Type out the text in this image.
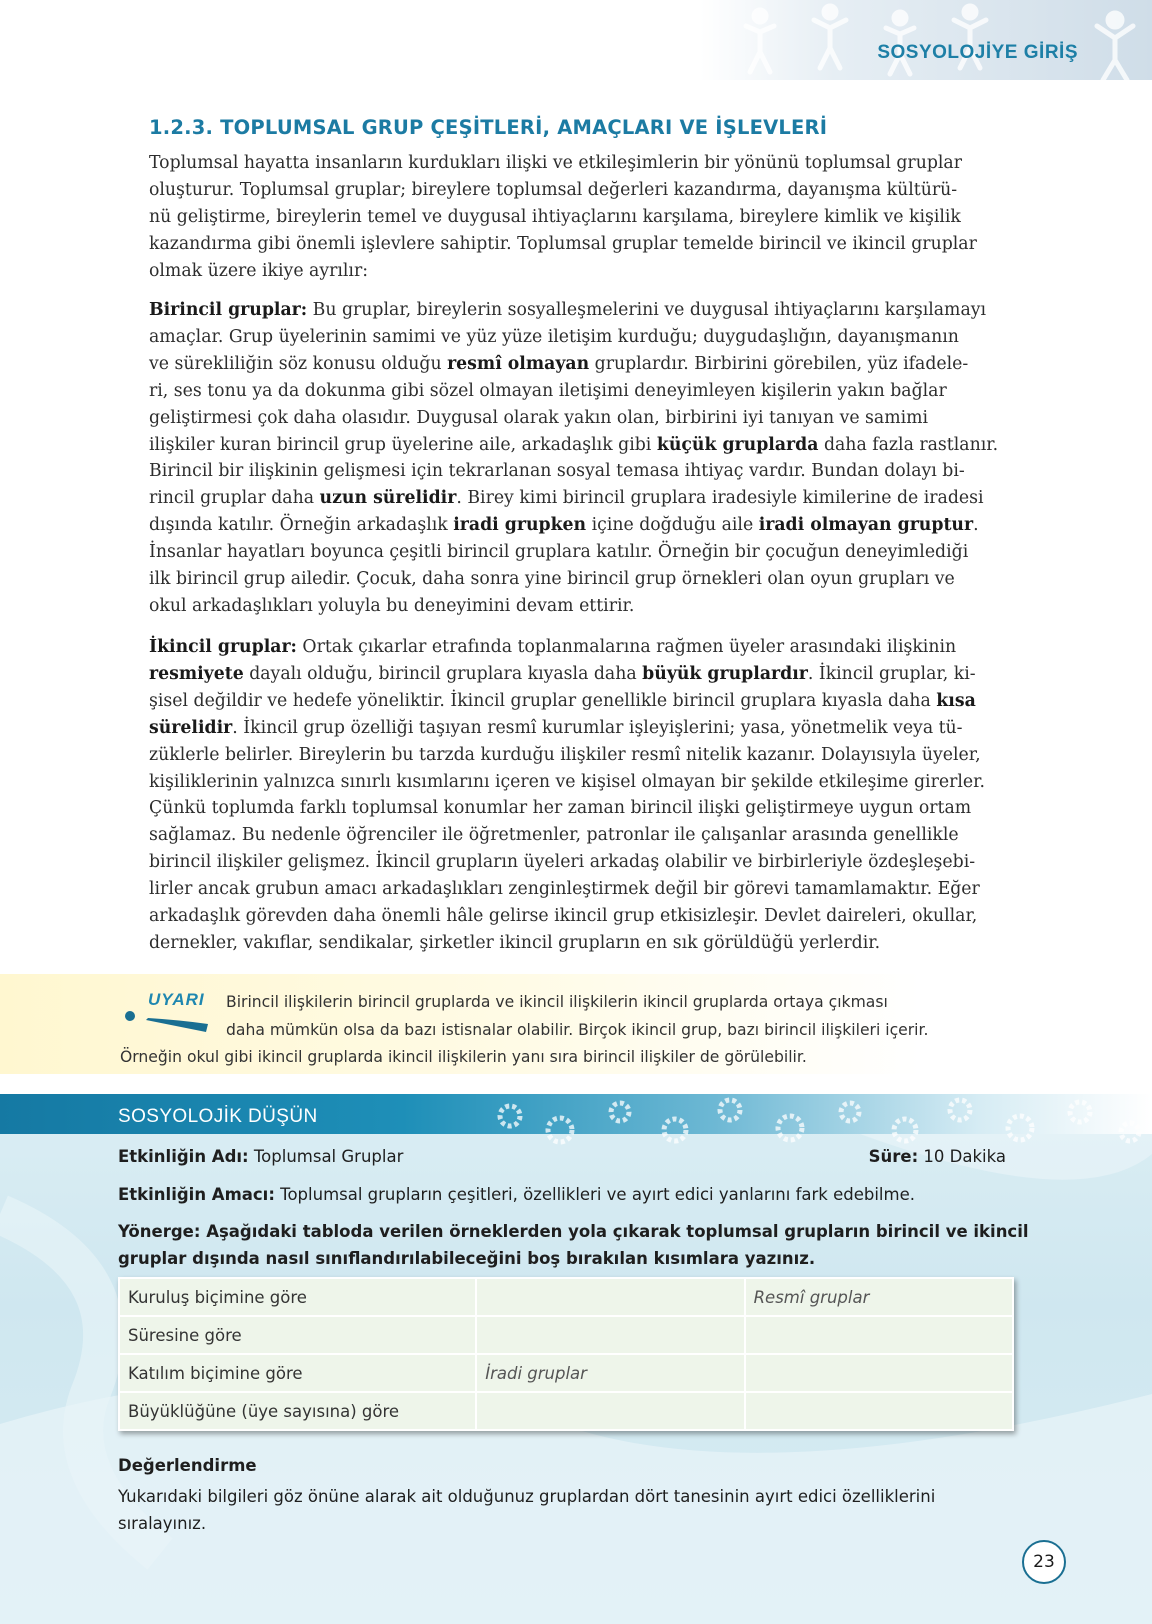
SOSYOLOJİYE GİRİŞ
1.2.3. TOPLUMSAL GRUP ÇEŞİTLERİ, AMAÇLARI VE İŞLEVLERİ

Toplumsal hayatta insanların kurdukları ilişki ve etkileşimlerin bir yönünü toplumsal gruplar
oluşturur. Toplumsal gruplar; bireylere toplumsal değerleri kazandırma, dayanışma kültürü-
nü geliştirme, bireylerin temel ve duygusal ihtiyaçlarını karşılama, bireylere kimlik ve kişilik
kazandırma gibi önemli işlevlere sahiptir. Toplumsal gruplar temelde birincil ve ikincil gruplar
olmak üzere ikiye ayrılır:

Birincil gruplar: Bu gruplar, bireylerin sosyalleşmelerini ve duygusal ihtiyaçlarını karşılamayı
amaçlar. Grup üyelerinin samimi ve yüz yüze iletişim kurduğu; duygudaşlığın, dayanışmanın
ve sürekliliğin söz konusu olduğu resmî olmayan gruplardır. Birbirini görebilen, yüz ifadele-
ri, ses tonu ya da dokunma gibi sözel olmayan iletişimi deneyimleyen kişilerin yakın bağlar
geliştirmesi çok daha olasıdır. Duygusal olarak yakın olan, birbirini iyi tanıyan ve samimi
ilişkiler kuran birincil grup üyelerine aile, arkadaşlık gibi küçük gruplarda daha fazla rastlanır.
Birincil bir ilişkinin gelişmesi için tekrarlanan sosyal temasa ihtiyaç vardır. Bundan dolayı bi-
rincil gruplar daha uzun sürelidir. Birey kimi birincil gruplara iradesiyle kimilerine de iradesi
dışında katılır. Örneğin arkadaşlık iradi grupken içine doğduğu aile iradi olmayan gruptur.
İnsanlar hayatları boyunca çeşitli birincil gruplara katılır. Örneğin bir çocuğun deneyimlediği
ilk birincil grup ailedir. Çocuk, daha sonra yine birincil grup örnekleri olan oyun grupları ve
okul arkadaşlıkları yoluyla bu deneyimini devam ettirir.

İkincil gruplar: Ortak çıkarlar etrafında toplanmalarına rağmen üyeler arasındaki ilişkinin
resmiyete dayalı olduğu, birincil gruplara kıyasla daha büyük gruplardır. İkincil gruplar, ki-
şisel değildir ve hedefe yöneliktir. İkincil gruplar genellikle birincil gruplara kıyasla daha kısa
sürelidir. İkincil grup özelliği taşıyan resmî kurumlar işleyişlerini; yasa, yönetmelik veya tü-
züklerle belirler. Bireylerin bu tarzda kurduğu ilişkiler resmî nitelik kazanır. Dolayısıyla üyeler,
kişiliklerinin yalnızca sınırlı kısımlarını içeren ve kişisel olmayan bir şekilde etkileşime girerler.
Çünkü toplumda farklı toplumsal konumlar her zaman birincil ilişki geliştirmeye uygun ortam
sağlamaz. Bu nedenle öğrenciler ile öğretmenler, patronlar ile çalışanlar arasında genellikle
birincil ilişkiler gelişmez. İkincil grupların üyeleri arkadaş olabilir ve birbirleriyle özdeşleşebi-
lirler ancak grubun amacı arkadaşlıkları zenginleştirmek değil bir görevi tamamlamaktır. Eğer
arkadaşlık görevden daha önemli hâle gelirse ikincil grup etkisizleşir. Devlet daireleri, okullar,
dernekler, vakıflar, sendikalar, şirketler ikincil grupların en sık görüldüğü yerlerdir.

UYARI	Birincil ilişkilerin birincil gruplarda ve ikincil ilişkilerin ikincil gruplarda ortaya çıkması
daha mümkün olsa da bazı istisnalar olabilir. Birçok ikincil grup, bazı birincil ilişkileri içerir.
Örneğin okul gibi ikincil gruplarda ikincil ilişkilerin yanı sıra birincil ilişkiler de görülebilir.
SOSYOLOJİK DÜŞÜN
Etkinliğin Adı: Toplumsal Gruplar	Süre: 10 Dakika
Etkinliğin Amacı: Toplumsal grupların çeşitleri, özellikleri ve ayırt edici yanlarını fark edebilme.
Yönerge: Aşağıdaki tabloda verilen örneklerden yola çıkarak toplumsal grupların birincil ve ikincil
gruplar dışında nasıl sınıflandırılabileceğini boş bırakılan kısımlara yazınız.
Kuruluş biçimine göre		Resmî gruplar
Süresine göre		
Katılım biçimine göre	İradi gruplar	
Büyüklüğüne (üye sayısına) göre		
Değerlendirme
Yukarıdaki bilgileri göz önüne alarak ait olduğunuz gruplardan dört tanesinin ayırt edici özelliklerini
sıralayınız.
23
